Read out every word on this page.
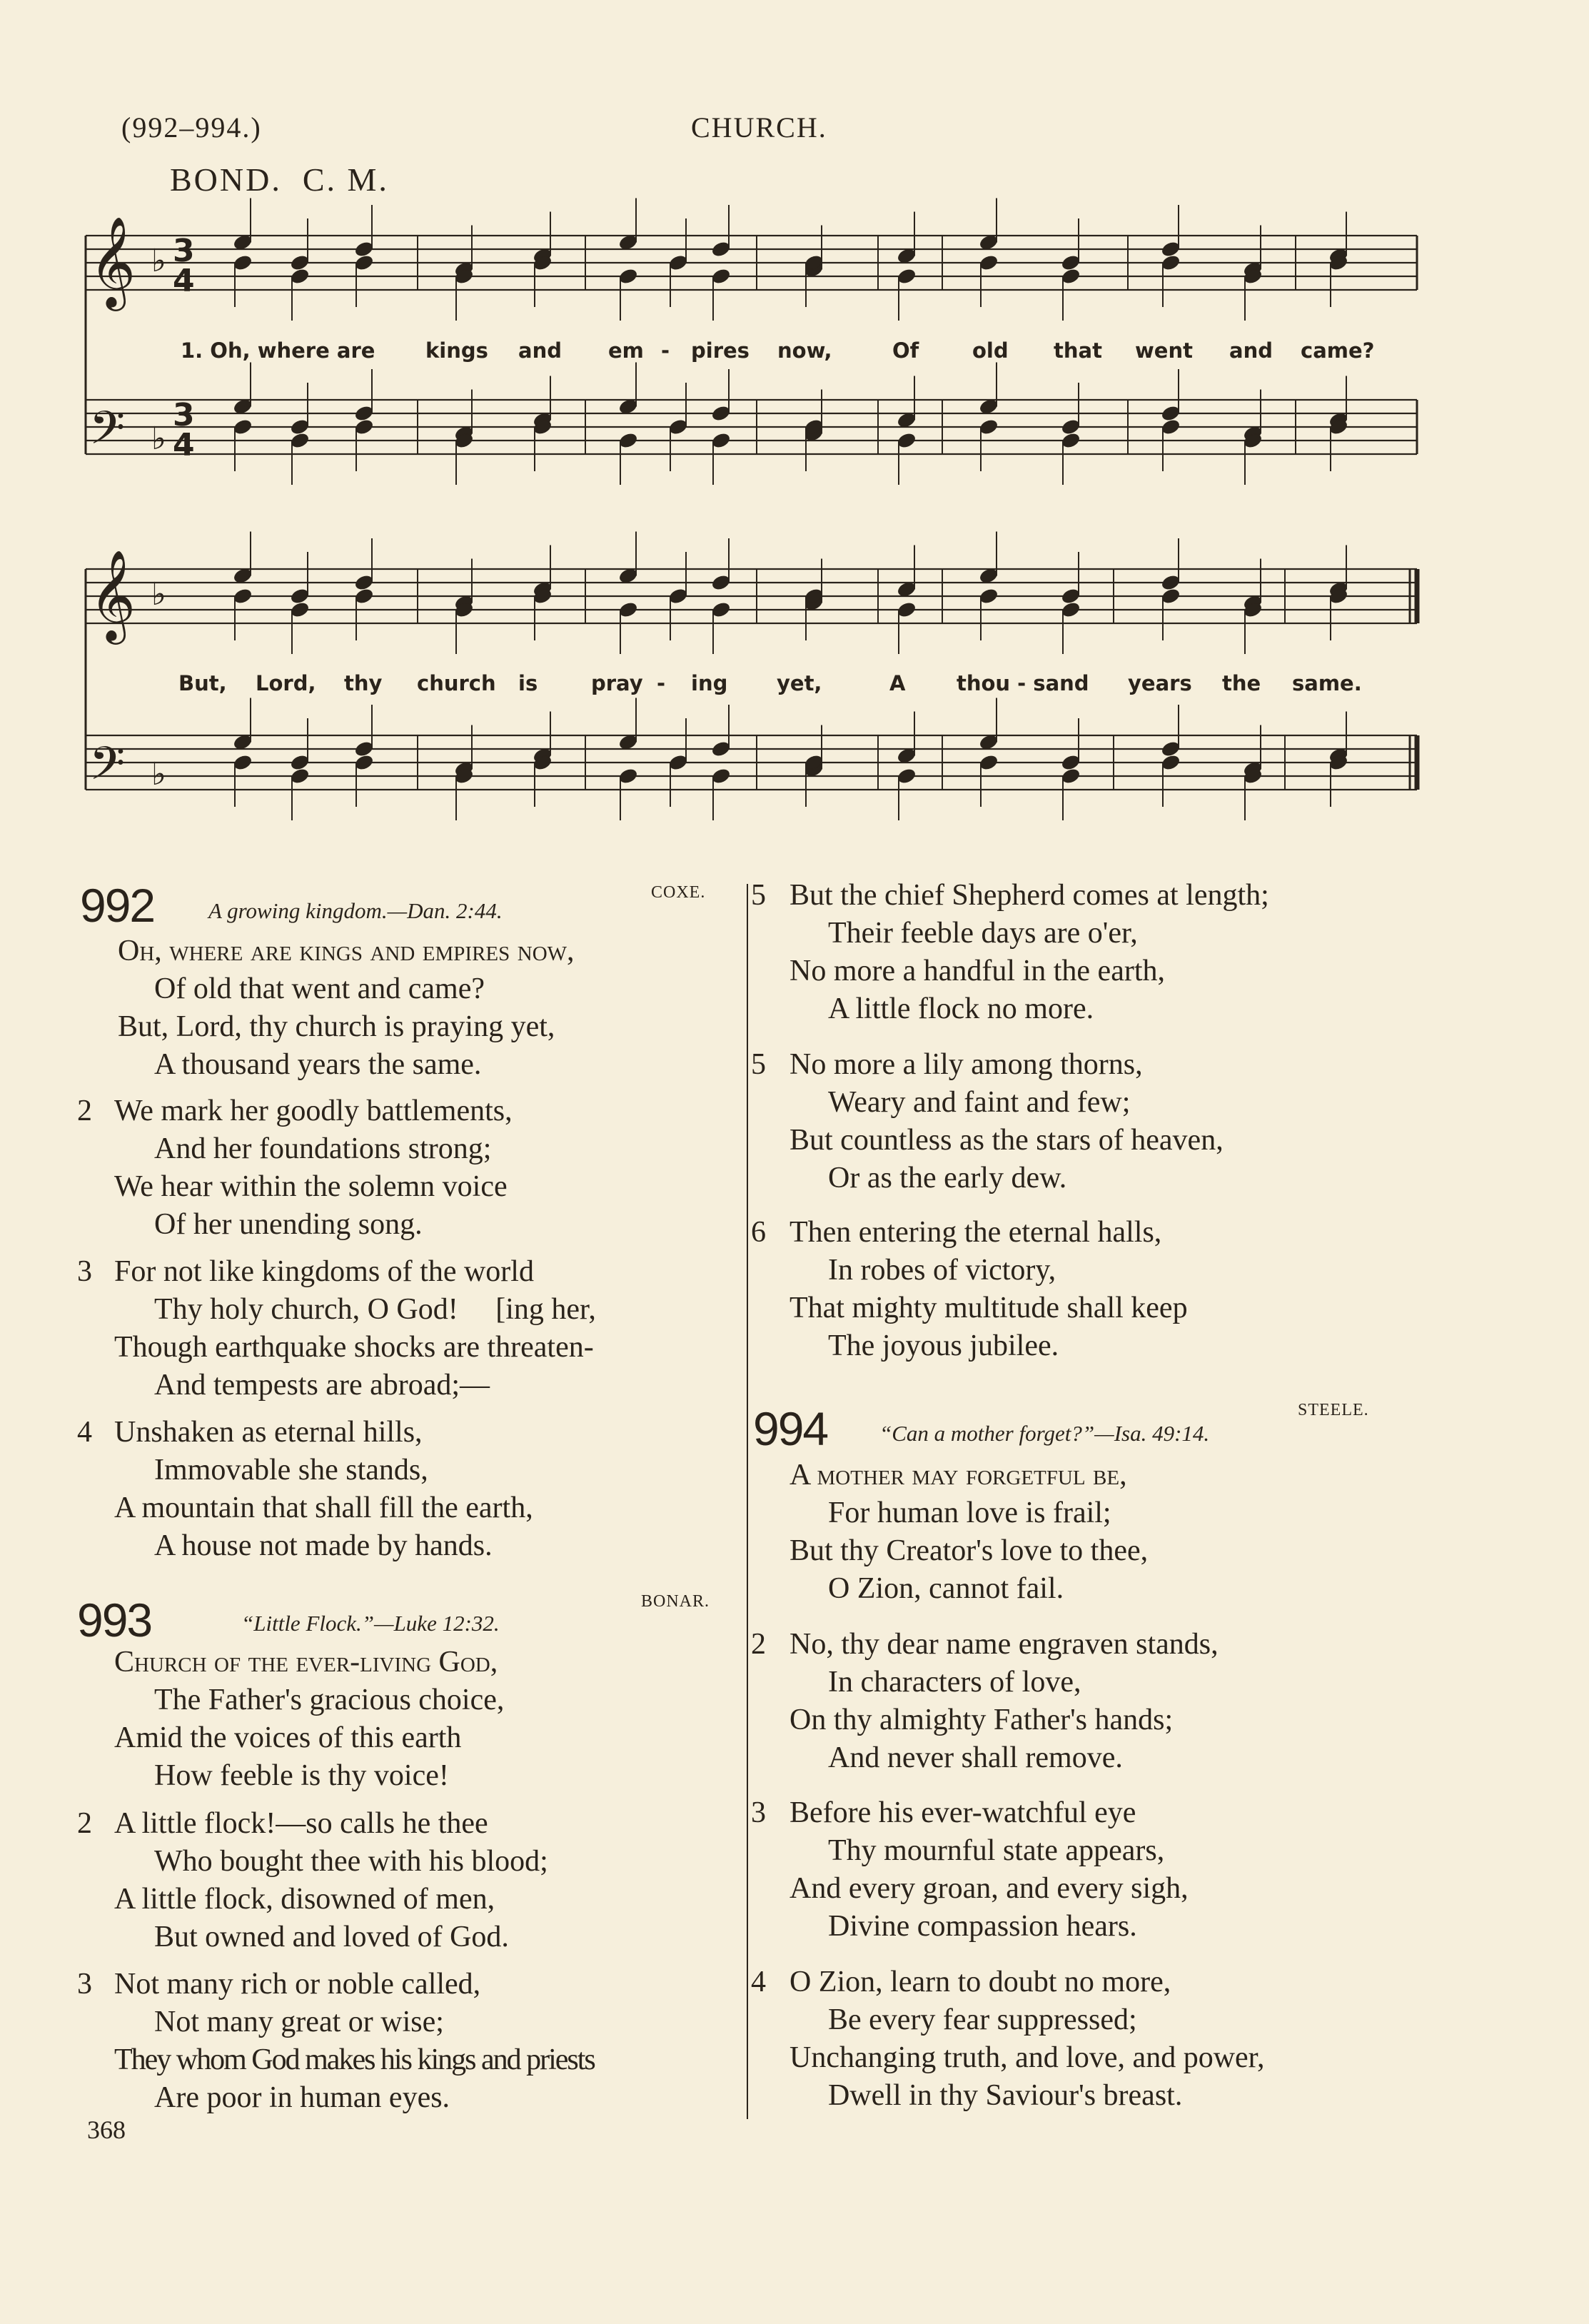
(992–994.)	CHURCH.
BOND. C. M.
𝄞 ♭ 3
4
𝄢 ♭
3
4
𝄞 ♭
𝄢 ♭
1. Oh, where are kings and em - pires now,	Of	old that went and came?
But, Lord, thy church is	pray - ing yet,	A thou - sand years the same.
992 A growing kingdom.—Dan. 2:44.
COXE.
Oh, where are kings and empires now,
Of old that went and came?
But, Lord, thy church is praying yet,
A thousand years the same.
2 We mark her goodly battlements,
And her foundations strong;
We hear within the solemn voice
Of her unending song.
3 For not like kingdoms of the world
Thy holy church, O God!     [ing her,
Though earthquake shocks are threaten-
And tempests are abroad;—
4 Unshaken as eternal hills,
Immovable she stands,
A mountain that shall fill the earth,
A house not made by hands.
993	“Little Flock.”—Luke 12:32.
BONAR.
Church of the ever-living God,
The Father's gracious choice,
Amid the voices of this earth
How feeble is thy voice!
2 A little flock!—so calls he thee
Who bought thee with his blood;
A little flock, disowned of men,
But owned and loved of God.
3 Not many rich or noble called,
Not many great or wise;
They whom God makes his kings and priests
Are poor in human eyes.
368
5 But the chief Shepherd comes at length;
Their feeble days are o'er,
No more a handful in the earth,
A little flock no more.
5 No more a lily among thorns,
Weary and faint and few;
But countless as the stars of heaven,
Or as the early dew.
6 Then entering the eternal halls,
In robes of victory,
That mighty multitude shall keep
The joyous jubilee.
994 “Can a mother forget?”—Isa. 49:14.
STEELE.
A mother may forgetful be,
For human love is frail;
But thy Creator's love to thee,
O Zion, cannot fail.
2 No, thy dear name engraven stands,
In characters of love,
On thy almighty Father's hands;
And never shall remove.
3 Before his ever-watchful eye
Thy mournful state appears,
And every groan, and every sigh,
Divine compassion hears.
4 O Zion, learn to doubt no more,
Be every fear suppressed;
Unchanging truth, and love, and power,
Dwell in thy Saviour's breast.
